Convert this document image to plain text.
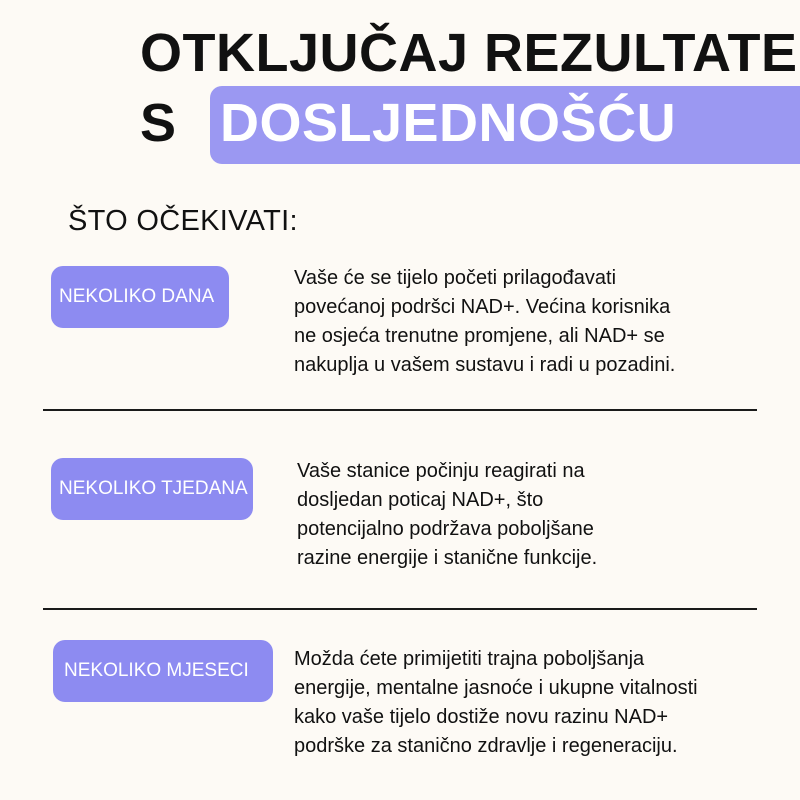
OTKLJUČAJ REZULTATE
S DOSLJEDNOŠĆU
ŠTO OČEKIVATI:
NEKOLIKO DANA

Vaše će se tijelo početi prilagođavati
povećanoj podršci NAD+. Većina korisnika
ne osjeća trenutne promjene, ali NAD+ se
nakuplja u vašem sustavu i radi u pozadini.

NEKOLIKO TJEDANA

Vaše stanice počinju reagirati na
dosljedan poticaj NAD+, što
potencijalno podržava poboljšane
razine energije i stanične funkcije.

NEKOLIKO MJESECI

Možda ćete primijetiti trajna poboljšanja
energije, mentalne jasnoće i ukupne vitalnosti
kako vaše tijelo dostiže novu razinu NAD+
podrške za stanično zdravlje i regeneraciju.
